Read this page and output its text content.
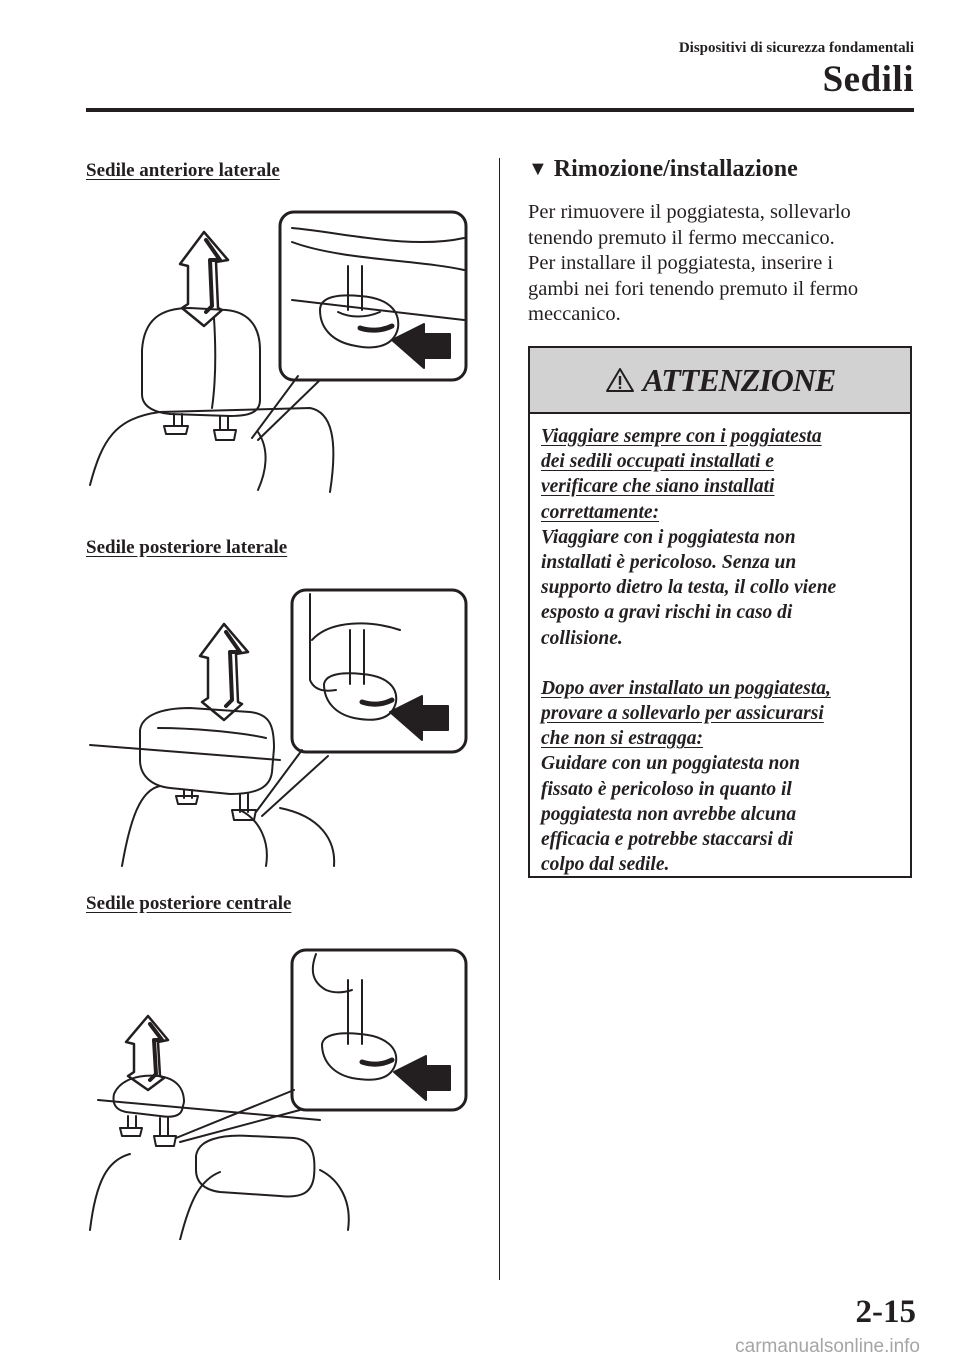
Dispositivi di sicurezza fondamentali
Sedili
Sedile anteriore laterale
Sedile posteriore laterale
Sedile posteriore centrale
▼ Rimozione/installazione
Per rimuovere il poggiatesta, sollevarlo
tenendo premuto il fermo meccanico.
Per installare il poggiatesta, inserire i
gambi nei fori tenendo premuto il fermo
meccanico.
ATTENZIONE

Viaggiare sempre con i poggiatesta

dei sedili occupati installati e

verificare che siano installati

correttamente:

Viaggiare con i poggiatesta non

installati è pericoloso. Senza un

supporto dietro la testa, il collo viene

esposto a gravi rischi in caso di

collisione.

Dopo aver installato un poggiatesta,

provare a sollevarlo per assicurarsi

che non si estragga:

Guidare con un poggiatesta non

fissato è pericoloso in quanto il

poggiatesta non avrebbe alcuna

efficacia e potrebbe staccarsi di

colpo dal sedile.

2-15
carmanualsonline.info
